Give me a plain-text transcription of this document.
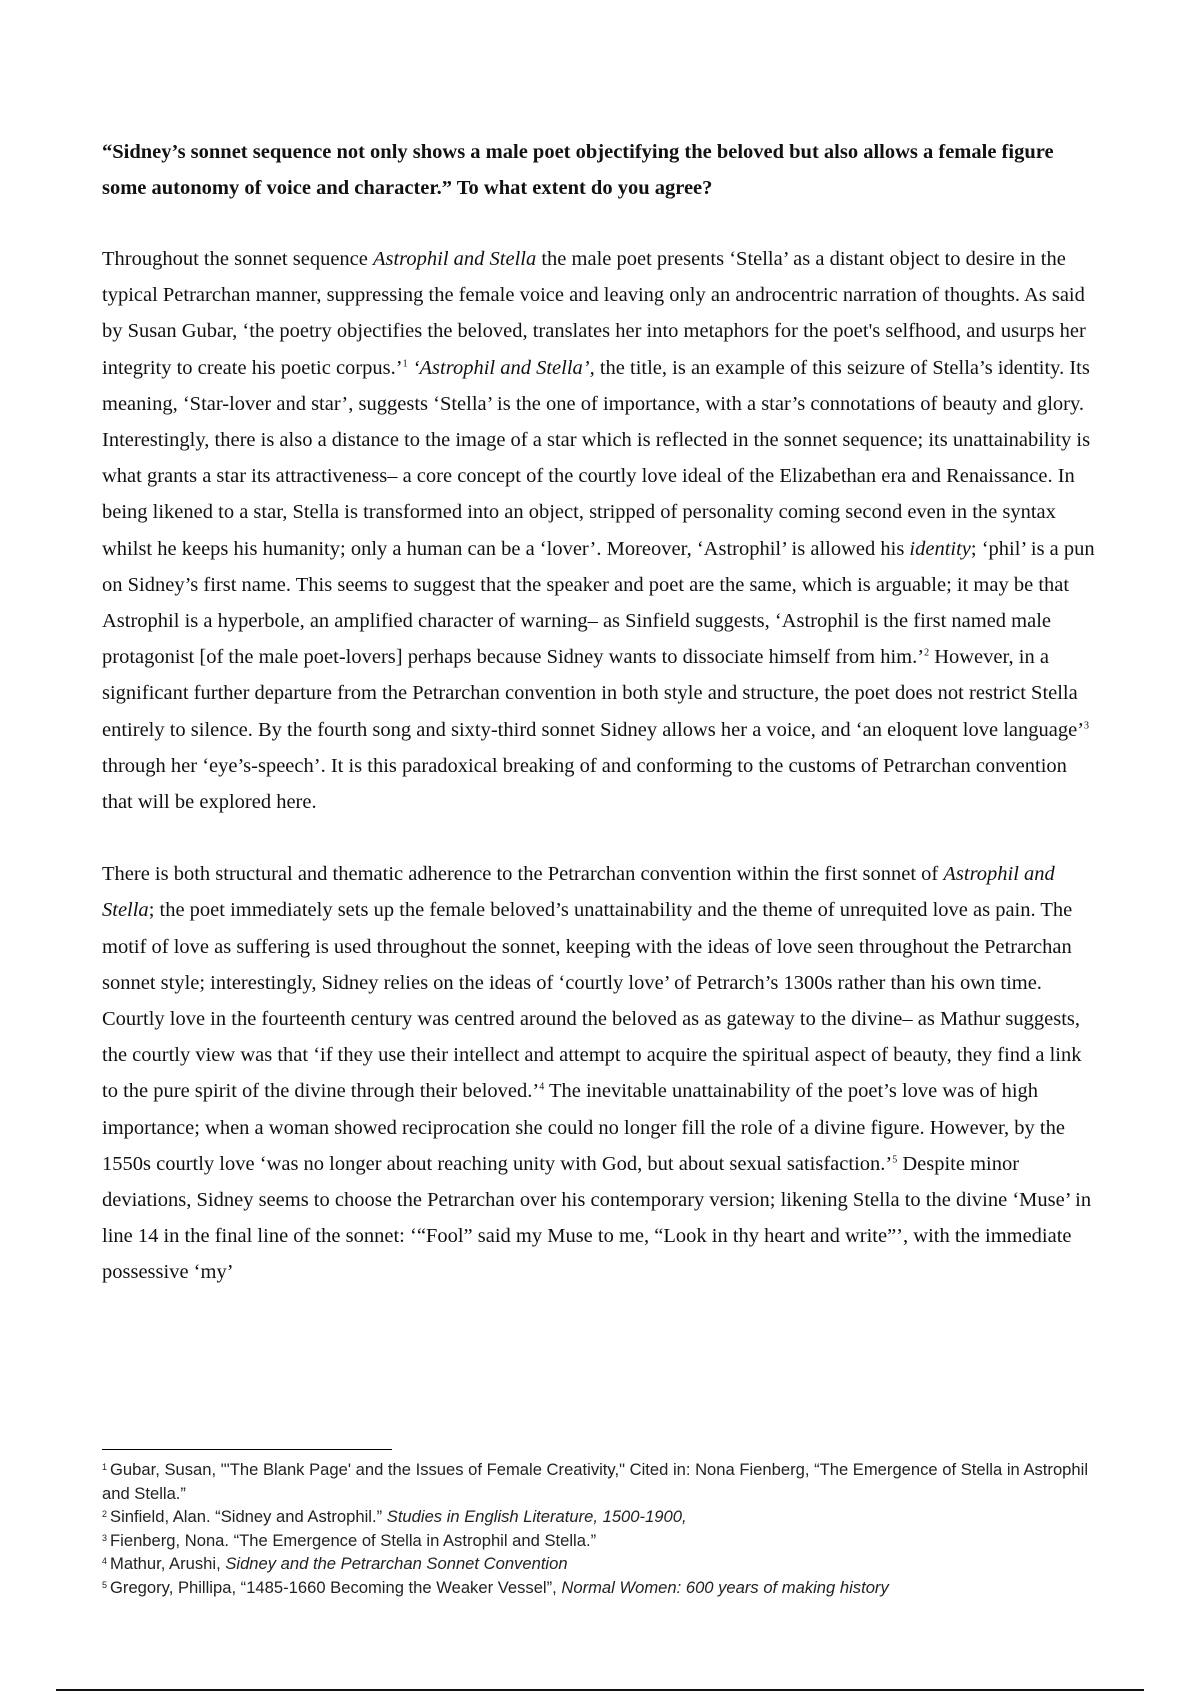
“Sidney’s sonnet sequence not only shows a male poet objectifying the beloved but also allows a female figure some autonomy of voice and character.” To what extent do you agree?

Throughout the sonnet sequence Astrophil and Stella the male poet presents ‘Stella’ as a distant object to desire in the typical Petrarchan manner, suppressing the female voice and leaving only an androcentric narration of thoughts. As said by Susan Gubar, ‘the poetry objectifies the beloved, translates her into metaphors for the poet's selfhood, and usurps her integrity to create his poetic corpus.’$^1$ ‘Astrophil and Stella’, the title, is an example of this seizure of Stella’s identity. Its meaning, ‘Star-lover and star’, suggests ‘Stella’ is the one of importance, with a star’s connotations of beauty and glory. Interestingly, there is also a distance to the image of a star which is reflected in the sonnet sequence; its unattainability is what grants a star its attractiveness– a core concept of the courtly love ideal of the Elizabethan era and Renaissance. In being likened to a star, Stella is transformed into an object, stripped of personality coming second even in the syntax whilst he keeps his humanity; only a human can be a ‘lover’. Moreover, ‘Astrophil’ is allowed his identity; ‘phil’ is a pun on Sidney’s first name. This seems to suggest that the speaker and poet are the same, which is arguable; it may be that Astrophil is a hyperbole, an amplified character of warning– as Sinfield suggests, ‘Astrophil is the first named male protagonist [of the male poet-lovers] perhaps because Sidney wants to dissociate himself from him.’$^2$ However, in a significant further departure from the Petrarchan convention in both style and structure, the poet does not restrict Stella entirely to silence. By the fourth song and sixty-third sonnet Sidney allows her a voice, and ‘an eloquent love language’$^3$ through her ‘eye’s-speech’. It is this paradoxical breaking of and conforming to the customs of Petrarchan convention that will be explored here.

There is both structural and thematic adherence to the Petrarchan convention within the first sonnet of Astrophil and Stella; the poet immediately sets up the female beloved’s unattainability and the theme of unrequited love as pain. The motif of love as suffering is used throughout the sonnet, keeping with the ideas of love seen throughout the Petrarchan sonnet style; interestingly, Sidney relies on the ideas of ‘courtly love’ of Petrarch’s 1300s rather than his own time. Courtly love in the fourteenth century was centred around the beloved as as gateway to the divine– as Mathur suggests, the courtly view was that ‘if they use their intellect and attempt to acquire the spiritual aspect of beauty, they find a link to the pure spirit of the divine through their beloved.’$^4$ The inevitable unattainability of the poet’s love was of high importance; when a woman showed reciprocation she could no longer fill the role of a divine figure. However, by the 1550s courtly love ‘was no longer about reaching unity with God, but about sexual satisfaction.’$^5$ Despite minor deviations, Sidney seems to choose the Petrarchan over his contemporary version; likening Stella to the divine ‘Muse’ in line 14 in the final line of the sonnet: ‘“Fool” said my Muse to me, “Look in thy heart and write”’, with the immediate possessive ‘my’

$^1$ Gubar, Susan, "'The Blank Page' and the Issues of Female Creativity," Cited in: Nona Fienberg, “The Emergence of Stella in Astrophil and Stella.”

$^2$ Sinfield, Alan. “Sidney and Astrophil.” Studies in English Literature, 1500-1900,

$^3$ Fienberg, Nona. “The Emergence of Stella in Astrophil and Stella.”

$^4$ Mathur, Arushi, Sidney and the Petrarchan Sonnet Convention

$^5$ Gregory, Phillipa, “1485-1660 Becoming the Weaker Vessel”, Normal Women: 600 years of making history
